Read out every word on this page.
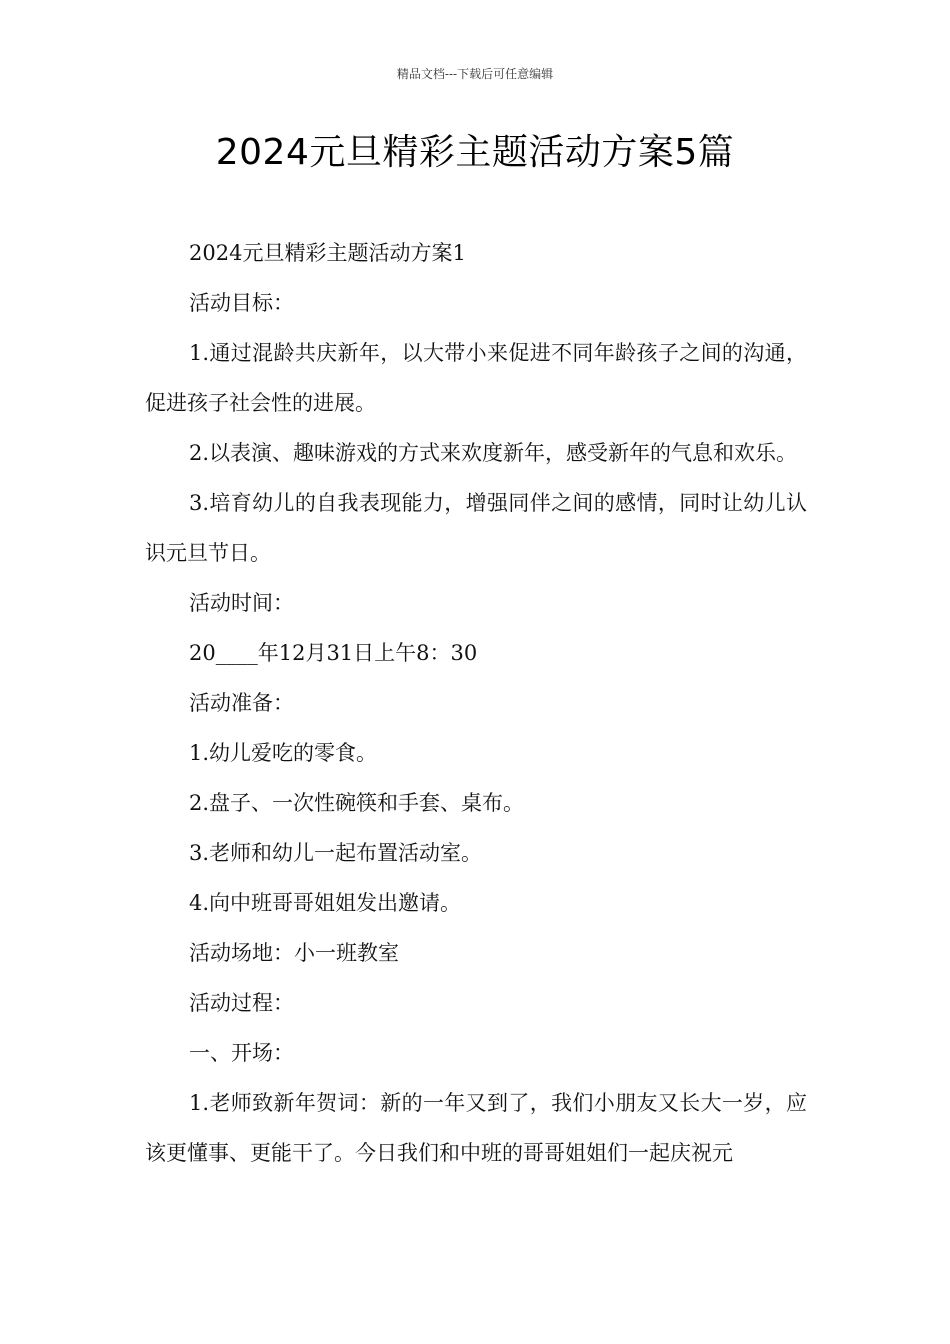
精品文档---下载后可任意编辑
2024元旦精彩主题活动方案5篇

2024元旦精彩主题活动方案1

活动目标：

1.通过混龄共庆新年，以大带小来促进不同年龄孩子之间的沟通，促进孩子社会性的进展。

2.以表演、趣味游戏的方式来欢度新年，感受新年的气息和欢乐。

3.培育幼儿的自我表现能力，增强同伴之间的感情，同时让幼儿认识元旦节日。

活动时间：

20____年12月31日上午8：30

活动准备：

1.幼儿爱吃的零食。

2.盘子、一次性碗筷和手套、桌布。

3.老师和幼儿一起布置活动室。

4.向中班哥哥姐姐发出邀请。

活动场地：小一班教室

活动过程：

一、开场：

1.老师致新年贺词：新的一年又到了，我们小朋友又长大一岁，应该更懂事、更能干了。今日我们和中班的哥哥姐姐们一起庆祝元
